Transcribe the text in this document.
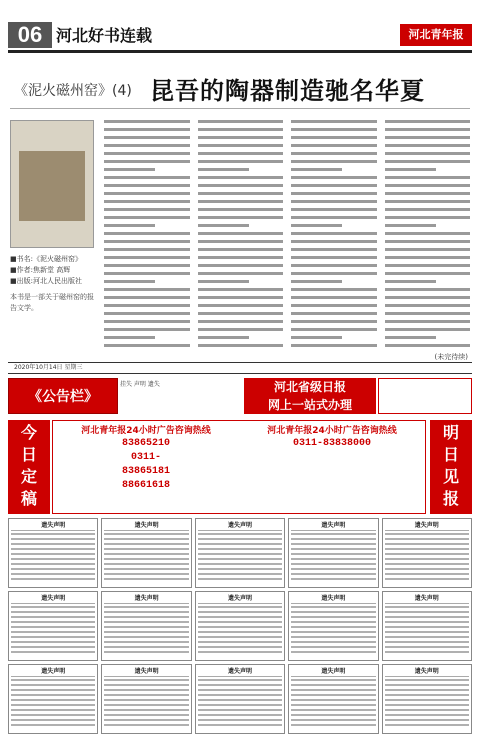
06 河北好书连载	河北青年报
《泥火磁州窑》(4) 昆吾的陶器制造驰名华夏
■书名:《泥火磁州窑》
■作者:焦新堂 高辉
■出版:河北人民出版社
本书是一部关于磁州窑的报告文学。
(未完待续)
2020年10月14日 星期三
《公告栏》
挂失 声明 遗失	河北省级日报
网上一站式办理
今
日
定
稿
河北青年报24小时广告咨询热线
83865210
0311-
83865181
88661618
河北青年报24小时广告咨询热线
0311-83838000
明
日
见
报
遗失声明	遗失声明	遗失声明	遗失声明	遗失声明
遗失声明	遗失声明	遗失声明	遗失声明	遗失声明
遗失声明	遗失声明	遗失声明	遗失声明	遗失声明
